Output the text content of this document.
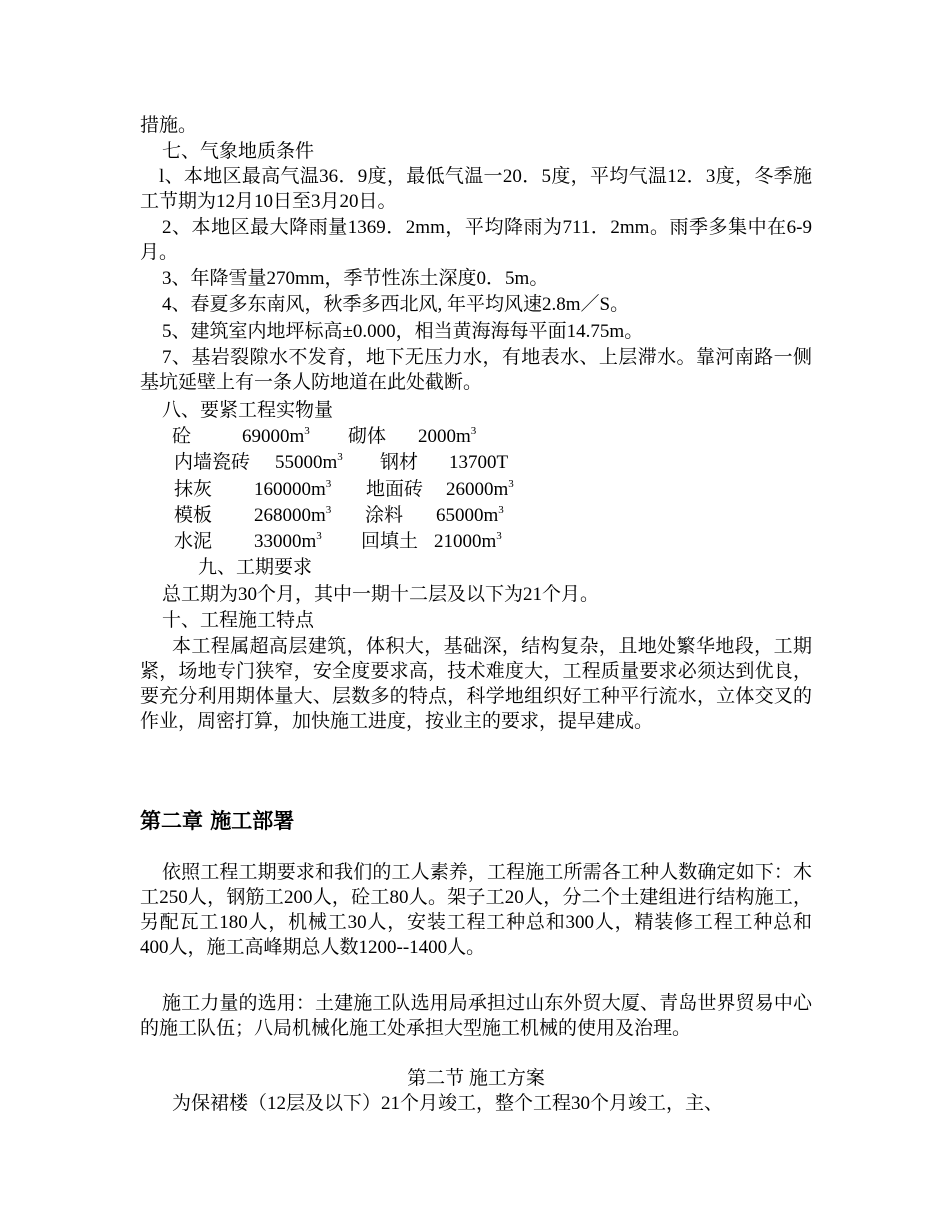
措施。
七、气象地质条件
l、本地区最高气温36．9度，最低气温一20．5度，平均气温12．3度，冬季施工节期为12月10日至3月20日。
2、本地区最大降雨量1369．2mm，平均降雨为711．2mm。雨季多集中在6-9月。
3、年降雪量270mm，季节性冻土深度0．5m。
4、春夏多东南风，秋季多西北风, 年平均风速2.8m／S。
5、建筑室内地坪标高±0.000，相当黄海海每平面14.75m。
7、基岩裂隙水不发育，地下无压力水，有地表水、上层滞水。靠河南路一侧基坑延壁上有一条人防地道在此处截断。
八、要紧工程实物量
砼	$69000m^3$ 砌体 $2000m^3$
内墙瓷砖 $55000m^3$ 钢材 13700T
抹灰 $160000m^3$ 地面砖 $26000m^3$
模板 $268000m^3$ 涂料 $65000m^3$
水泥 $33000m^3$ 回填土 $21000m^3$
九、工期要求
总工期为30个月，其中一期十二层及以下为21个月。
十、工程施工特点
本工程属超高层建筑，体积大，基础深，结构复杂，且地处繁华地段，工期紧，场地专门狭窄，安全度要求高，技术难度大，工程质量要求必须达到优良，要充分利用期体量大、层数多的特点，科学地组织好工种平行流水，立体交叉的作业，周密打算，加快施工进度，按业主的要求，提早建成。
第二章 施工部署
依照工程工期要求和我们的工人素养，工程施工所需各工种人数确定如下：木工250人，钢筋工200人，砼工80人。架子工20人，分二个土建组进行结构施工，另配瓦工180人，机械工30人，安装工程工种总和300人，精装修工程工种总和400人，施工高峰期总人数1200--1400人。
施工力量的选用：土建施工队选用局承担过山东外贸大厦、青岛世界贸易中心的施工队伍；八局机械化施工处承担大型施工机械的使用及治理。
第二节 施工方案
为保裙楼（12层及以下）21个月竣工，整个工程30个月竣工，主、
